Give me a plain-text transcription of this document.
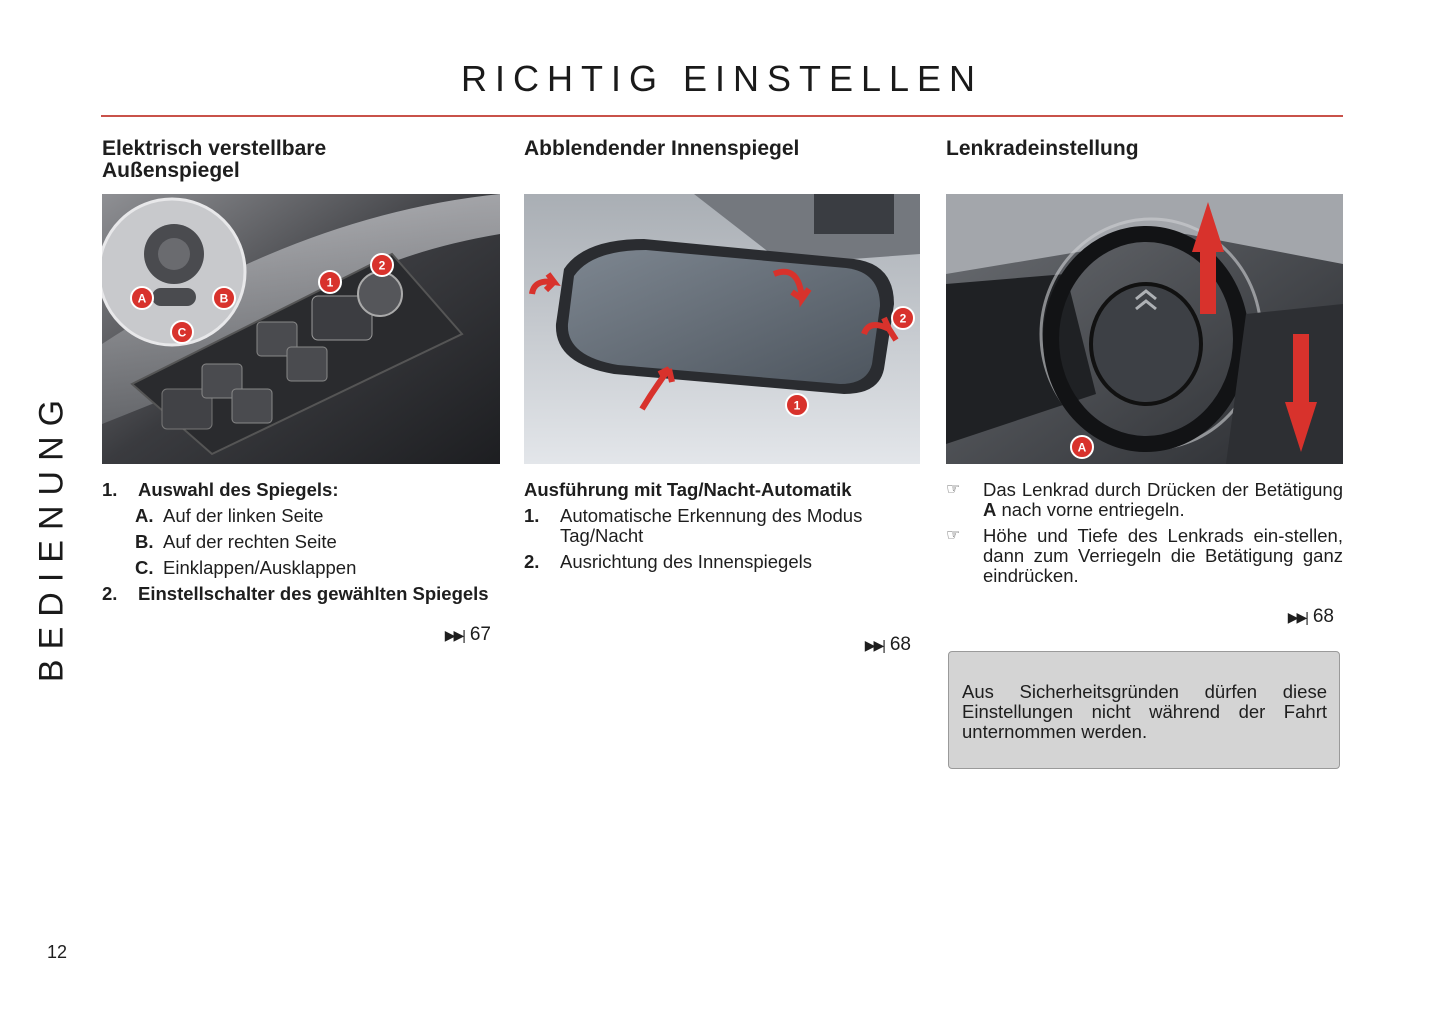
RICHTIG EINSTELLEN
BEDIENUNG
Elektrisch verstellbare
Außenspiegel
A	B
C
1
2
1.	Auswahl des Spiegels:
A. Auf der linken Seite
B. Auf der rechten Seite
C. Einklappen/Ausklappen
2.	Einstellschalter des gewählten Spiegels
▶▶| 67
Abblendender Innenspiegel
1
2
Ausführung mit Tag/Nacht-Automatik
1.	Automatische Erkennung des Modus Tag/Nacht
2.	Ausrichtung des Innenspiegels
▶▶| 68
Lenkradeinstellung
A
☞	Das Lenkrad durch Drücken der Betätigung A nach vorne entriegeln.
☞	Höhe und Tiefe des Lenkrads ein-stellen, dann zum Verriegeln die Betätigung ganz eindrücken.
▶▶| 68
Aus Sicherheitsgründen dürfen diese Einstellungen nicht während der Fahrt unternommen werden.
12
